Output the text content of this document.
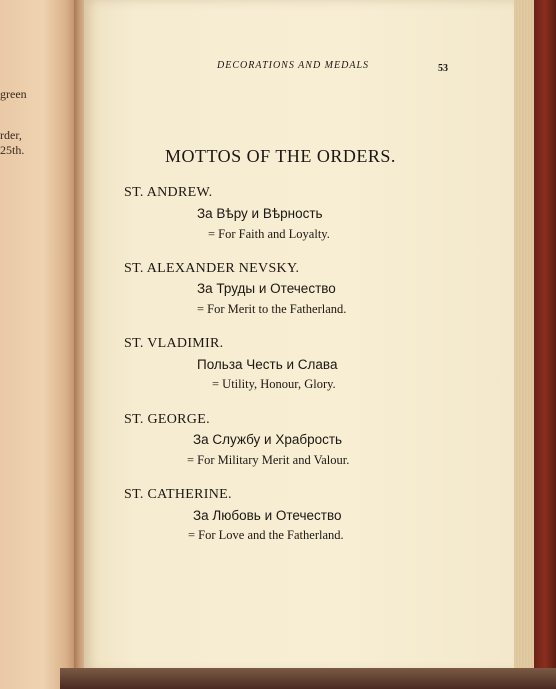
green
rder,
25th.
DECORATIONS AND MEDALS	53
MOTTOS OF THE ORDERS.
ST. ANDREW.
За Вѣру и Вѣрность
= For Faith and Loyalty.
ST. ALEXANDER NEVSKY.
За Труды и Отечество
= For Merit to the Fatherland.
ST. VLADIMIR.
Польза Честь и Слава
= Utility, Honour, Glory.
ST. GEORGE.
За Службу и Храбрость
= For Military Merit and Valour.
ST. CATHERINE.
За Любовь и Отечество
= For Love and the Fatherland.
